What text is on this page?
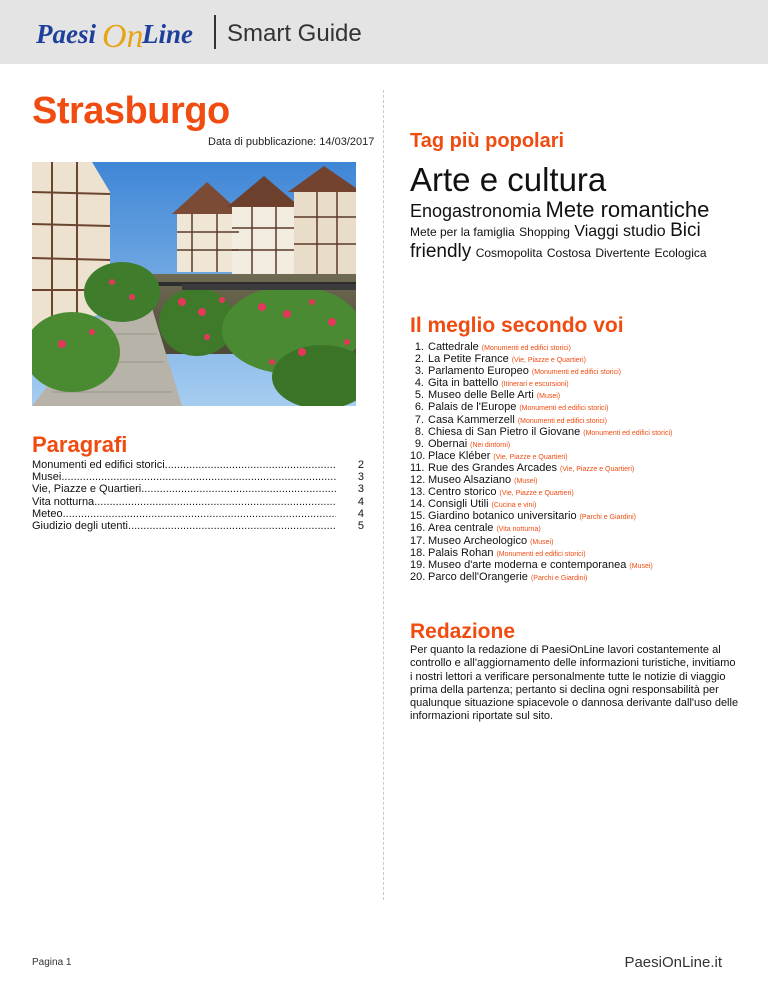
Paesi On
Line Smart Guide
Strasburgo
Data di pubblicazione: 14/03/2017
Paragrafi
Monumenti ed edifici storici .....	2
Musei .....	3
Vie, Piazze e Quartieri .....	3
Vita notturna .....	4
Meteo .....	4
Giudizio degli utenti .....	5
Tag più popolari
Arte e cultura
Enogastronomia Mete romantiche
Mete per la famiglia Shopping Viaggi studio Bici friendly Cosmopolita Costosa Divertente Ecologica
Il meglio secondo voi
1. Cattedrale (Monumenti ed edifici storici)
2. La Petite France (Vie, Piazze e Quartieri)
3. Parlamento Europeo (Monumenti ed edifici storici)
4. Gita in battello (Itinerari e escursioni)
5. Museo delle Belle Arti (Musei)
6. Palais de l'Europe (Monumenti ed edifici storici)
7. Casa Kammerzell (Monumenti ed edifici storici)
8. Chiesa di San Pietro il Giovane (Monumenti ed edifici storici)
9. Obernai (Nei dintorni)
10. Place Kléber (Vie, Piazze e Quartieri)
11. Rue des Grandes Arcades (Vie, Piazze e Quartieri)
12. Museo Alsaziano (Musei)
13. Centro storico (Vie, Piazze e Quartieri)
14. Consigli Utili (Cucina e vini)
15. Giardino botanico universitario (Parchi e Giardini)
16. Area centrale (Vita notturna)
17. Museo Archeologico (Musei)
18. Palais Rohan (Monumenti ed edifici storici)
19. Museo d'arte moderna e contemporanea (Musei)
20. Parco dell'Orangerie (Parchi e Giardini)
Redazione
Per quanto la redazione di PaesiOnLine lavori costantemente al controllo e all'aggiornamento delle informazioni turistiche, invitiamo i nostri lettori a verificare personalmente tutte le notizie di viaggio prima della partenza; pertanto si declina ogni responsabilità per qualunque situazione spiacevole o dannosa derivante dall'uso delle informazioni riportate sul sito.
Pagina 1	PaesiOnLine.it
